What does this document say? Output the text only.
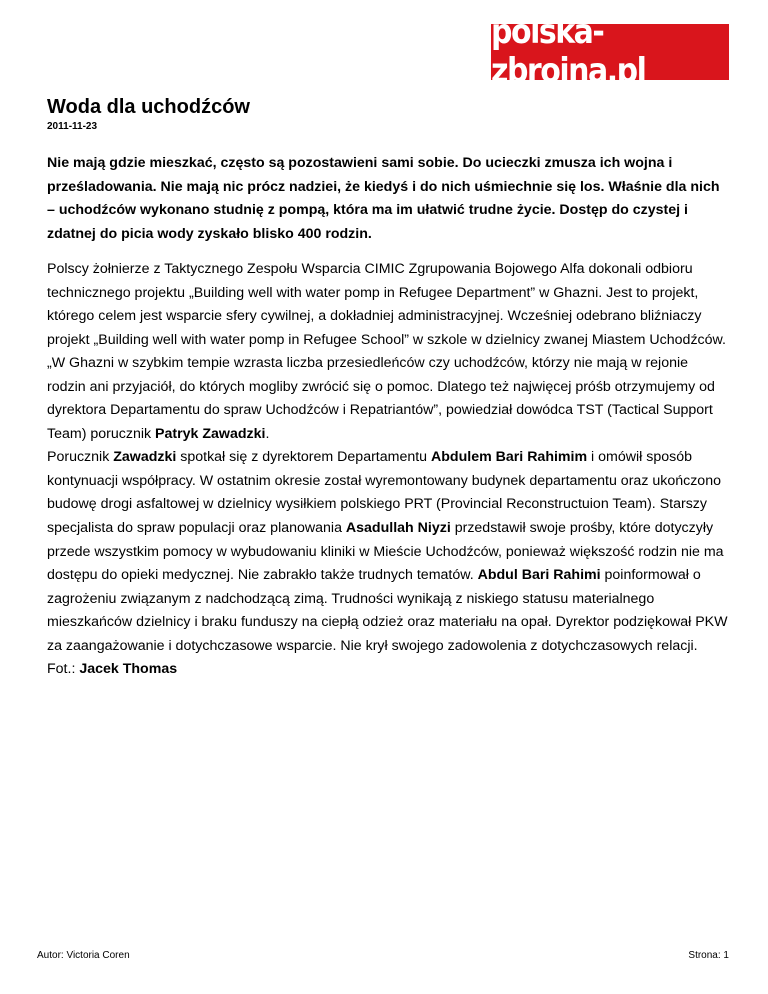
polska-zbrojna.pl
Woda dla uchodźców
2011-11-23

Nie mają gdzie mieszkać, często są pozostawieni sami sobie. Do ucieczki zmusza ich wojna i prześladowania. Nie mają nic prócz nadziei, że kiedyś i do nich uśmiechnie się los. Właśnie dla nich – uchodźców wykonano studnię z pompą, która ma im ułatwić trudne życie. Dostęp do czystej i zdatnej do picia wody zyskało blisko 400 rodzin.

Polscy żołnierze z Taktycznego Zespołu Wsparcia CIMIC Zgrupowania Bojowego Alfa dokonali odbioru technicznego projektu „Building well with water pomp in Refugee Department” w Ghazni. Jest to projekt, którego celem jest wsparcie sfery cywilnej, a dokładniej administracyjnej. Wcześniej odebrano bliźniaczy projekt „Building well with water pomp in Refugee School” w szkole w dzielnicy zwanej Miastem Uchodźców.
„W Ghazni w szybkim tempie wzrasta liczba przesiedleńców czy uchodźców, którzy nie mają w rejonie rodzin ani przyjaciół, do których mogliby zwrócić się o pomoc. Dlatego też najwięcej próśb otrzymujemy od dyrektora Departamentu do spraw Uchodźców i Repatriantów”, powiedział dowódca TST (Tactical Support Team) porucznik Patryk Zawadzki.
Porucznik Zawadzki spotkał się z dyrektorem Departamentu Abdulem Bari Rahimim i omówił sposób kontynuacji współpracy. W ostatnim okresie został wyremontowany budynek departamentu oraz ukończono budowę drogi asfaltowej w dzielnicy wysiłkiem polskiego PRT (Provincial Reconstructuion Team). Starszy specjalista do spraw populacji oraz planowania Asadullah Niyzi przedstawił swoje prośby, które dotyczyły przede wszystkim pomocy w wybudowaniu kliniki w Mieście Uchodźców, ponieważ większość rodzin nie ma dostępu do opieki medycznej. Nie zabrakło także trudnych tematów. Abdul Bari Rahimi poinformował o zagrożeniu związanym z nadchodzącą zimą. Trudności wynikają z niskiego statusu materialnego mieszkańców dzielnicy i braku funduszy na ciepłą odzież oraz materiału na opał. Dyrektor podziękował PKW za zaangażowanie i dotychczasowe wsparcie. Nie krył swojego zadowolenia z dotychczasowych relacji.
Fot.: Jacek Thomas
Autor: Victoria Coren	Strona: 1
